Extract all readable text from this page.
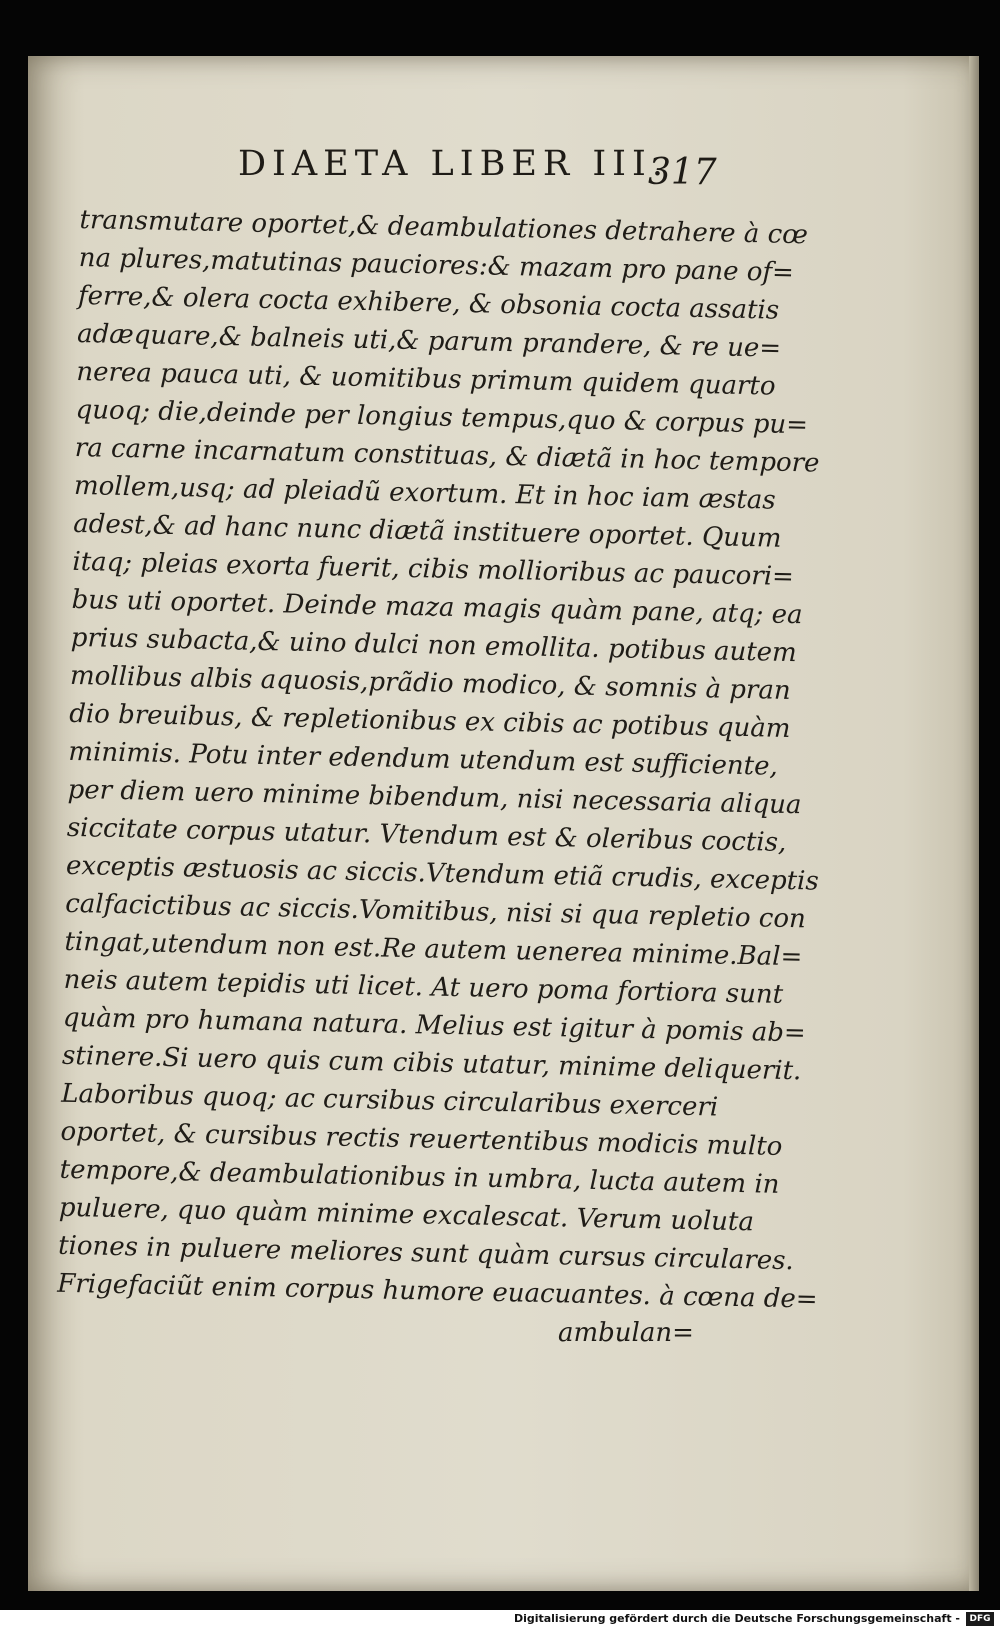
DIAETA LIBER III.
317
transmutare oportet,& deambulationes detrahere à cœ
na plures,matutinas pauciores:& mazam pro pane of=
ferre,& olera cocta exhibere, & obsonia cocta assatis
adæquare,& balneis uti,& parum prandere, & re ue=
nerea pauca uti, & uomitibus primum quidem quarto
quoq; die,deinde per longius tempus,quo & corpus pu=
ra carne incarnatum constituas, & diætã in hoc tempore
mollem,usq; ad pleiadũ exortum. Et in hoc iam æstas
adest,& ad hanc nunc diætã instituere oportet. Quum
itaq; pleias exorta fuerit, cibis mollioribus ac paucori=
bus uti oportet. Deinde maza magis quàm pane, atq; ea
prius subacta,& uino dulci non emollita. potibus autem
mollibus albis aquosis,prãdio modico, & somnis à pran
dio breuibus, & repletionibus ex cibis ac potibus quàm
minimis. Potu inter edendum utendum est sufficiente,
per diem uero minime bibendum, nisi necessaria aliqua
siccitate corpus utatur. Vtendum est & oleribus coctis,
exceptis æstuosis ac siccis.Vtendum etiã crudis, exceptis
calfacictibus ac siccis.Vomitibus, nisi si qua repletio con
tingat,utendum non est.Re autem uenerea minime.Bal=
neis autem tepidis uti licet. At uero poma fortiora sunt
quàm pro humana natura. Melius est igitur à pomis ab=
stinere.Si uero quis cum cibis utatur, minime deliquerit.
Laboribus quoq; ac cursibus circularibus exerceri
oportet, & cursibus rectis reuertentibus modicis multo
tempore,& deambulationibus in umbra, lucta autem in
puluere, quo quàm minime excalescat. Verum uoluta
tiones in puluere meliores sunt quàm cursus circulares.
Frigefaciũt enim corpus humore euacuantes. à cœna de=
ambulan=
Digitalisierung gefördert durch die Deutsche Forschungsgemeinschaft -	DFG
